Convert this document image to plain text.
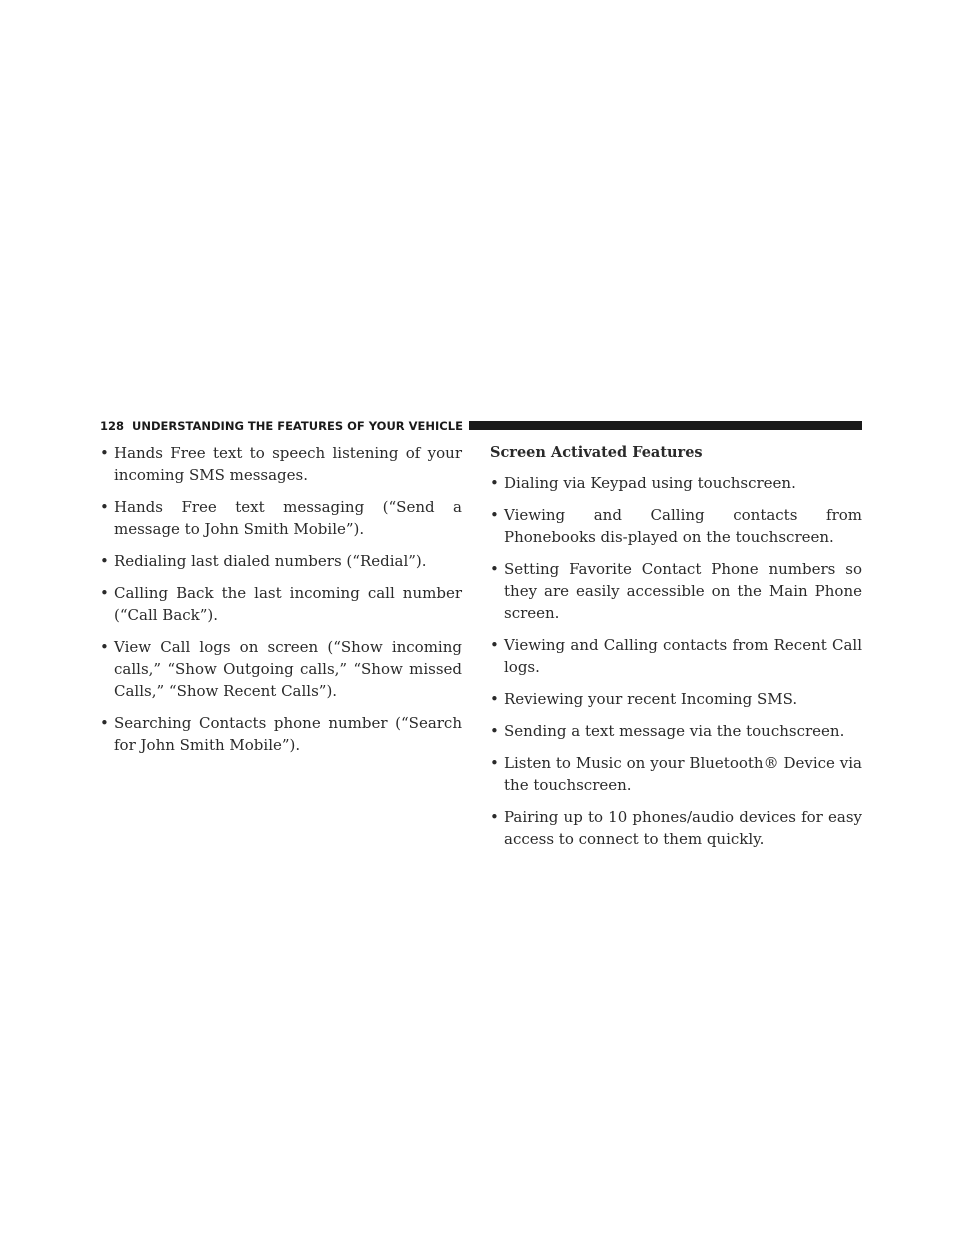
128 UNDERSTANDING THE FEATURES OF YOUR VEHICLE
• Hands Free text to speech listening of your incoming SMS messages.
• Hands Free text messaging (“Send a message to John Smith Mobile”).
• Redialing last dialed numbers (“Redial”).
• Calling Back the last incoming call number (“Call Back”).
• View Call logs on screen (“Show incoming calls,” “Show Outgoing calls,” “Show missed Calls,” “Show Recent Calls”).
• Searching Contacts phone number (“Search for John Smith Mobile”).
Screen Activated Features
• Dialing via Keypad using touchscreen.
• Viewing and Calling contacts from Phonebooks dis-played on the touchscreen.
• Setting Favorite Contact Phone numbers so they are easily accessible on the Main Phone screen.
• Viewing and Calling contacts from Recent Call logs.
• Reviewing your recent Incoming SMS.
• Sending a text message via the touchscreen.
• Listen to Music on your Bluetooth® Device via the touchscreen.
• Pairing up to 10 phones/audio devices for easy access to connect to them quickly.
